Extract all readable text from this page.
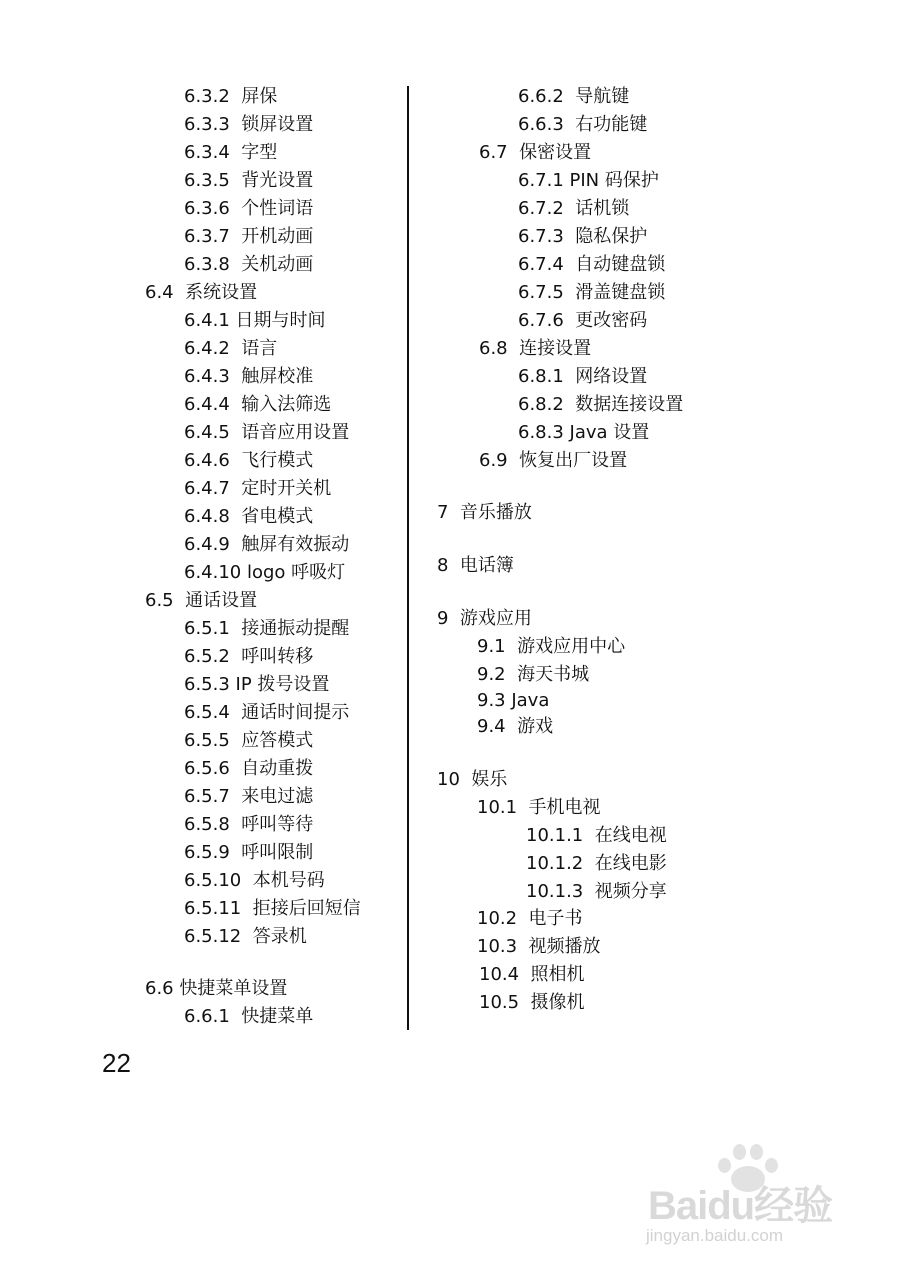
6.3.2  屏保
6.3.3  锁屏设置
6.3.4  字型
6.3.5  背光设置
6.3.6  个性词语
6.3.7  开机动画
6.3.8  关机动画
6.4  系统设置
6.4.1 日期与时间
6.4.2  语言
6.4.3  触屏校准
6.4.4  输入法筛选
6.4.5  语音应用设置
6.4.6  飞行模式
6.4.7  定时开关机
6.4.8  省电模式
6.4.9  触屏有效振动
6.4.10 logo 呼吸灯
6.5  通话设置
6.5.1  接通振动提醒
6.5.2  呼叫转移
6.5.3 IP 拨号设置
6.5.4  通话时间提示
6.5.5  应答模式
6.5.6  自动重拨
6.5.7  来电过滤
6.5.8  呼叫等待
6.5.9  呼叫限制
6.5.10  本机号码
6.5.11  拒接后回短信
6.5.12  答录机
6.6 快捷菜单设置
6.6.1  快捷菜单
6.6.2  导航键
6.6.3  右功能键
6.7  保密设置
6.7.1 PIN 码保护
6.7.2  话机锁
6.7.3  隐私保护
6.7.4  自动键盘锁
6.7.5  滑盖键盘锁
6.7.6  更改密码
6.8  连接设置
6.8.1  网络设置
6.8.2  数据连接设置
6.8.3 Java 设置
6.9  恢复出厂设置
7  音乐播放
8  电话簿
9  游戏应用
9.1  游戏应用中心
9.2  海天书城
9.3 Java
9.4  游戏
10  娱乐
10.1  手机电视
10.1.1  在线电视
10.1.2  在线电影
10.1.3  视频分享
10.2  电子书
10.3  视频播放
10.4  照相机
10.5  摄像机
22
Baidu经验
jingyan.baidu.com
